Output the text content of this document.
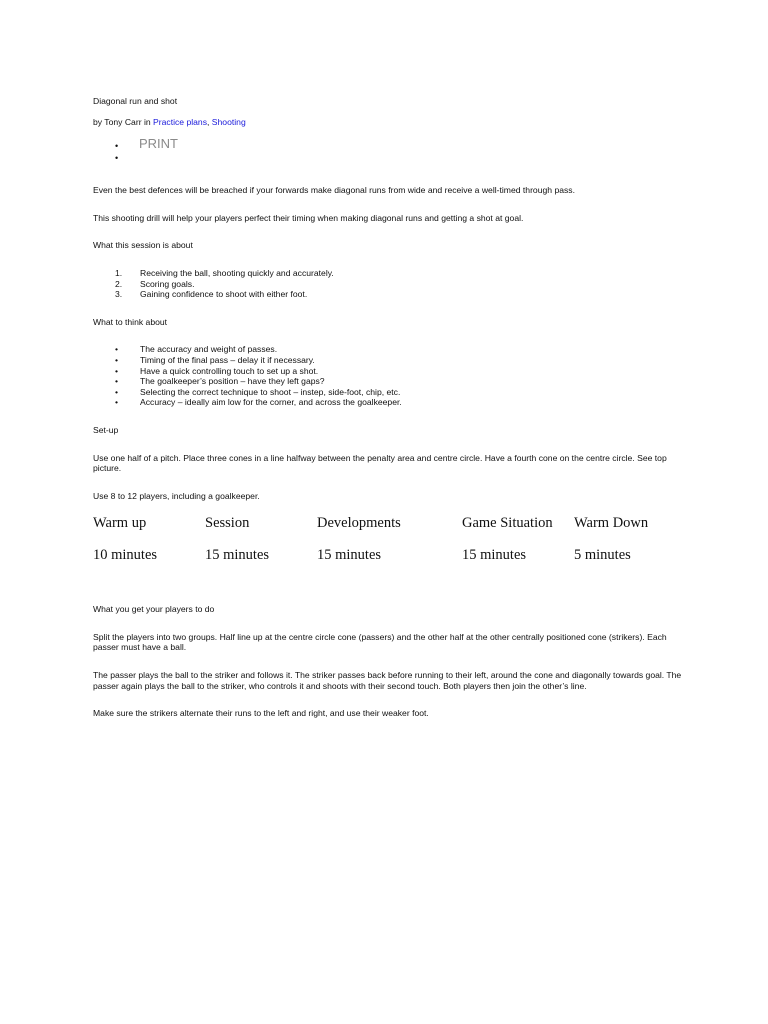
Diagonal run and shot

by Tony Carr in Practice plans, Shooting

• PRINT
•

Even the best defences will be breached if your forwards make diagonal runs from wide and receive a well-timed through pass.

This shooting drill will help your players perfect their timing when making diagonal runs and getting a shot at goal.

What this session is about

1. Receiving the ball, shooting quickly and accurately.
2. Scoring goals.
3. Gaining confidence to shoot with either foot.

What to think about

• The accuracy and weight of passes.
• Timing of the final pass – delay it if necessary.
• Have a quick controlling touch to set up a shot.
• The goalkeeper’s position – have they left gaps?
• Selecting the correct technique to shoot – instep, side-foot, chip, etc.
• Accuracy – ideally aim low for the corner, and across the goalkeeper.

Set-up

Use one half of a pitch. Place three cones in a line halfway between the penalty area and centre circle. Have a fourth cone on the centre circle. See top picture.

Use 8 to 12 players, including a goalkeeper.

Warm up	Session	Developments	Game Situation	Warm Down
10 minutes	15 minutes	15 minutes	15 minutes	5 minutes

What you get your players to do

Split the players into two groups. Half line up at the centre circle cone (passers) and the other half at the other centrally positioned cone (strikers). Each passer must have a ball.

The passer plays the ball to the striker and follows it. The striker passes back before running to their left, around the cone and diagonally towards goal. The passer again plays the ball to the striker, who controls it and shoots with their second touch. Both players then join the other’s line.

Make sure the strikers alternate their runs to the left and right, and use their weaker foot.
